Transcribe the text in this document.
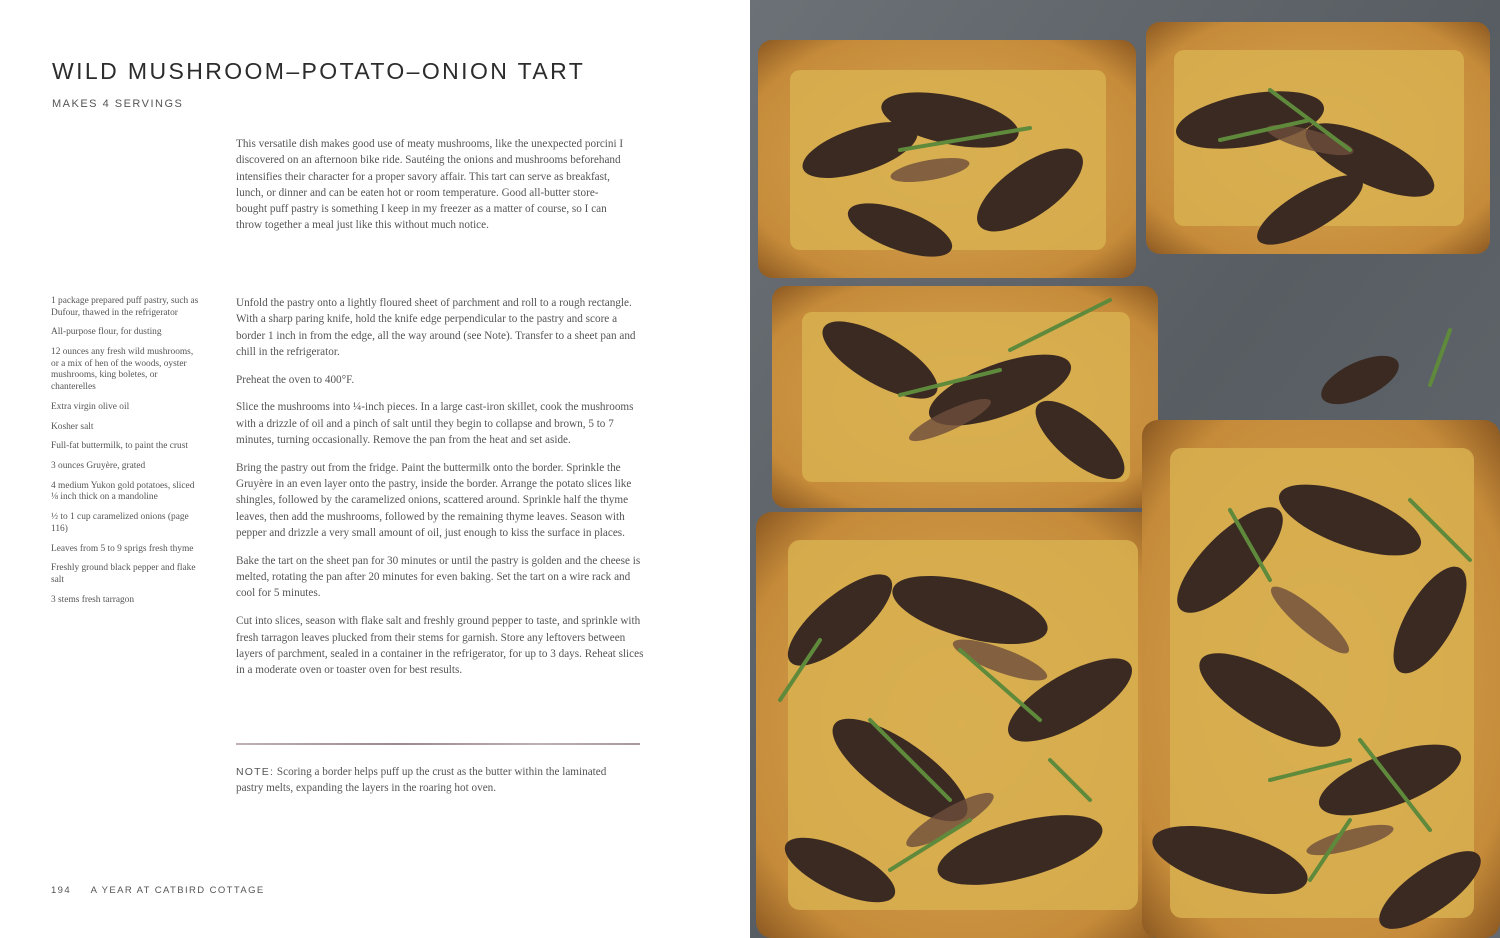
WILD MUSHROOM–POTATO–ONION TART
MAKES 4 SERVINGS

This versatile dish makes good use of meaty mushrooms, like the unexpected porcini I discovered on an afternoon bike ride. Sautéing the onions and mushrooms beforehand intensifies their character for a proper savory affair. This tart can serve as breakfast, lunch, or dinner and can be eaten hot or room temperature. Good all-butter store-bought puff pastry is something I keep in my freezer as a matter of course, so I can throw together a meal just like this without much notice.

1 package prepared puff pastry, such as Dufour, thawed in the refrigerator
All-purpose flour, for dusting
12 ounces any fresh wild mushrooms, or a mix of hen of the woods, oyster mushrooms, king boletes, or chanterelles
Extra virgin olive oil
Kosher salt
Full-fat buttermilk, to paint the crust
3 ounces Gruyère, grated
4 medium Yukon gold potatoes, sliced ⅛ inch thick on a mandoline
½ to 1 cup caramelized onions (page 116)
Leaves from 5 to 9 sprigs fresh thyme
Freshly ground black pepper and flake salt
3 stems fresh tarragon

Unfold the pastry onto a lightly floured sheet of parchment and roll to a rough rectangle. With a sharp paring knife, hold the knife edge perpendicular to the pastry and score a border 1 inch in from the edge, all the way around (see Note). Transfer to a sheet pan and chill in the refrigerator.

Preheat the oven to 400°F.

Slice the mushrooms into ¼-inch pieces. In a large cast-iron skillet, cook the mushrooms with a drizzle of oil and a pinch of salt until they begin to collapse and brown, 5 to 7 minutes, turning occasionally. Remove the pan from the heat and set aside.

Bring the pastry out from the fridge. Paint the buttermilk onto the border. Sprinkle the Gruyère in an even layer onto the pastry, inside the border. Arrange the potato slices like shingles, followed by the caramelized onions, scattered around. Sprinkle half the thyme leaves, then add the mushrooms, followed by the remaining thyme leaves. Season with pepper and drizzle a very small amount of oil, just enough to kiss the surface in places.

Bake the tart on the sheet pan for 30 minutes or until the pastry is golden and the cheese is melted, rotating the pan after 20 minutes for even baking. Set the tart on a wire rack and cool for 5 minutes.

Cut into slices, season with flake salt and freshly ground pepper to taste, and sprinkle with fresh tarragon leaves plucked from their stems for garnish. Store any leftovers between layers of parchment, sealed in a container in the refrigerator, for up to 3 days. Reheat slices in a moderate oven or toaster oven for best results.

NOTE: Scoring a border helps puff up the crust as the butter within the laminated pastry melts, expanding the layers in the roaring hot oven.

194 A YEAR AT CATBIRD COTTAGE
